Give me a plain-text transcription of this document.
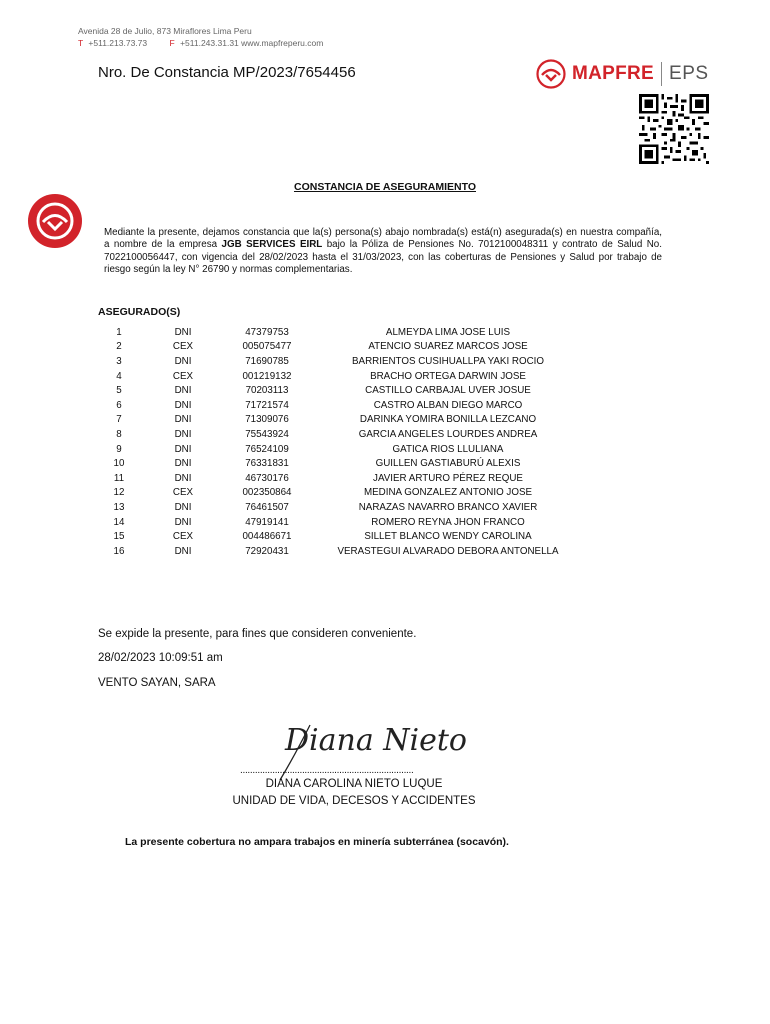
Avenida 28 de Julio, 873 Miraflores Lima Peru
T +511.213.73.73	F +511.243.31.31 www.mapfreperu.com
Nro. De Constancia MP/2023/7654456	MAPFRE EPS
CONSTANCIA DE ASEGURAMIENTO
Mediante la presente, dejamos constancia que la(s) persona(s) abajo nombrada(s) está(n) asegurada(s) en nuestra compañía, a nombre de la empresa JGB SERVICES EIRL bajo la Póliza de Pensiones No. 7012100048311 y contrato de Salud No. 7022100056447, con vigencia del 28/02/2023 hasta el 31/03/2023, con las coberturas de Pensiones y Salud por trabajo de riesgo según la ley N° 26790 y normas complementarias.
ASEGURADO(S)
1	DNI	47379753	ALMEYDA LIMA JOSE LUIS
2	CEX	005075477	ATENCIO SUAREZ MARCOS JOSE
3	DNI	71690785	BARRIENTOS CUSIHUALLPA YAKI ROCIO
4	CEX	001219132	BRACHO ORTEGA DARWIN JOSE
5	DNI	70203113	CASTILLO CARBAJAL UVER JOSUE
6	DNI	71721574	CASTRO ALBAN DIEGO MARCO
7	DNI	71309076	DARINKA YOMIRA BONILLA LEZCANO
8	DNI	75543924	GARCIA ANGELES LOURDES ANDREA
9	DNI	76524109	GATICA RIOS LLULIANA
10	DNI	76331831	GUILLEN GASTIABURÚ ALEXIS
11	DNI	46730176	JAVIER ARTURO PÉREZ REQUE
12	CEX	002350864	MEDINA GONZALEZ ANTONIO JOSE
13	DNI	76461507	NARAZAS NAVARRO BRANCO XAVIER
14	DNI	47919141	ROMERO REYNA JHON FRANCO
15	CEX	004486671	SILLET BLANCO WENDY CAROLINA
16	DNI	72920431	VERASTEGUI ALVARADO DEBORA ANTONELLA
Se expide la presente, para fines que consideren conveniente.
28/02/2023 10:09:51 am
VENTO SAYAN, SARA
Diana Nieto
......................................................................
DIANA CAROLINA NIETO LUQUE
UNIDAD DE VIDA, DECESOS Y ACCIDENTES
La presente cobertura no ampara trabajos en minería subterránea (socavón).
